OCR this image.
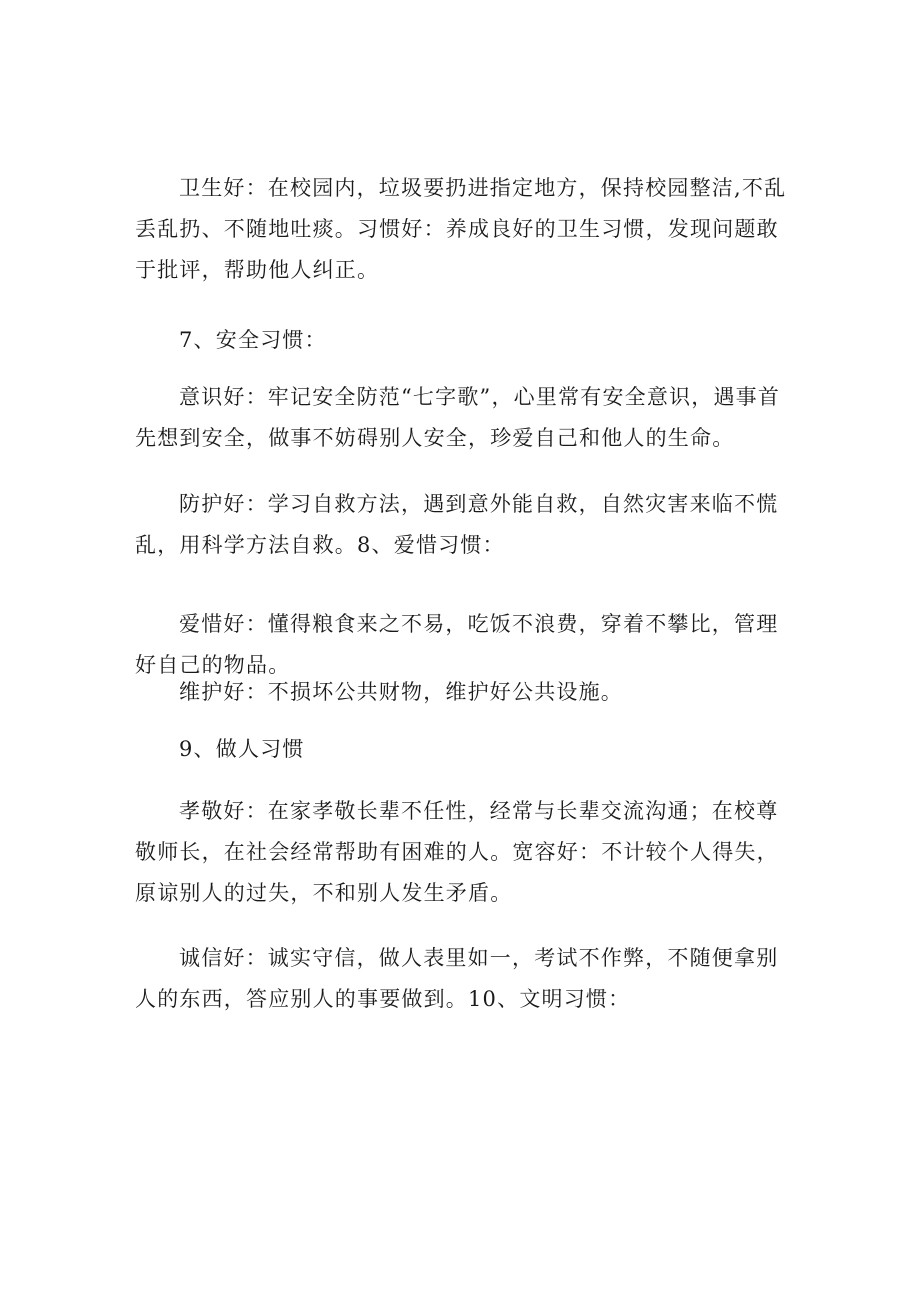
卫生好：在校园内，垃圾要扔进指定地方，保持校园整洁,不乱丢乱扔、不随地吐痰。习惯好：养成良好的卫生习惯，发现问题敢于批评，帮助他人纠正。

7、安全习惯：

意识好：牢记安全防范“七字歌”，心里常有安全意识，遇事首先想到安全，做事不妨碍别人安全，珍爱自己和他人的生命。

防护好：学习自救方法，遇到意外能自救，自然灾害来临不慌乱，用科学方法自救。8、爱惜习惯：

爱惜好：懂得粮食来之不易，吃饭不浪费，穿着不攀比，管理好自己的物品。

维护好：不损坏公共财物，维护好公共设施。

9、做人习惯

孝敬好：在家孝敬长辈不任性，经常与长辈交流沟通；在校尊敬师长，在社会经常帮助有困难的人。宽容好：不计较个人得失，原谅别人的过失，不和别人发生矛盾。

诚信好：诚实守信，做人表里如一，考试不作弊，不随便拿别人的东西，答应别人的事要做到。10、文明习惯：
